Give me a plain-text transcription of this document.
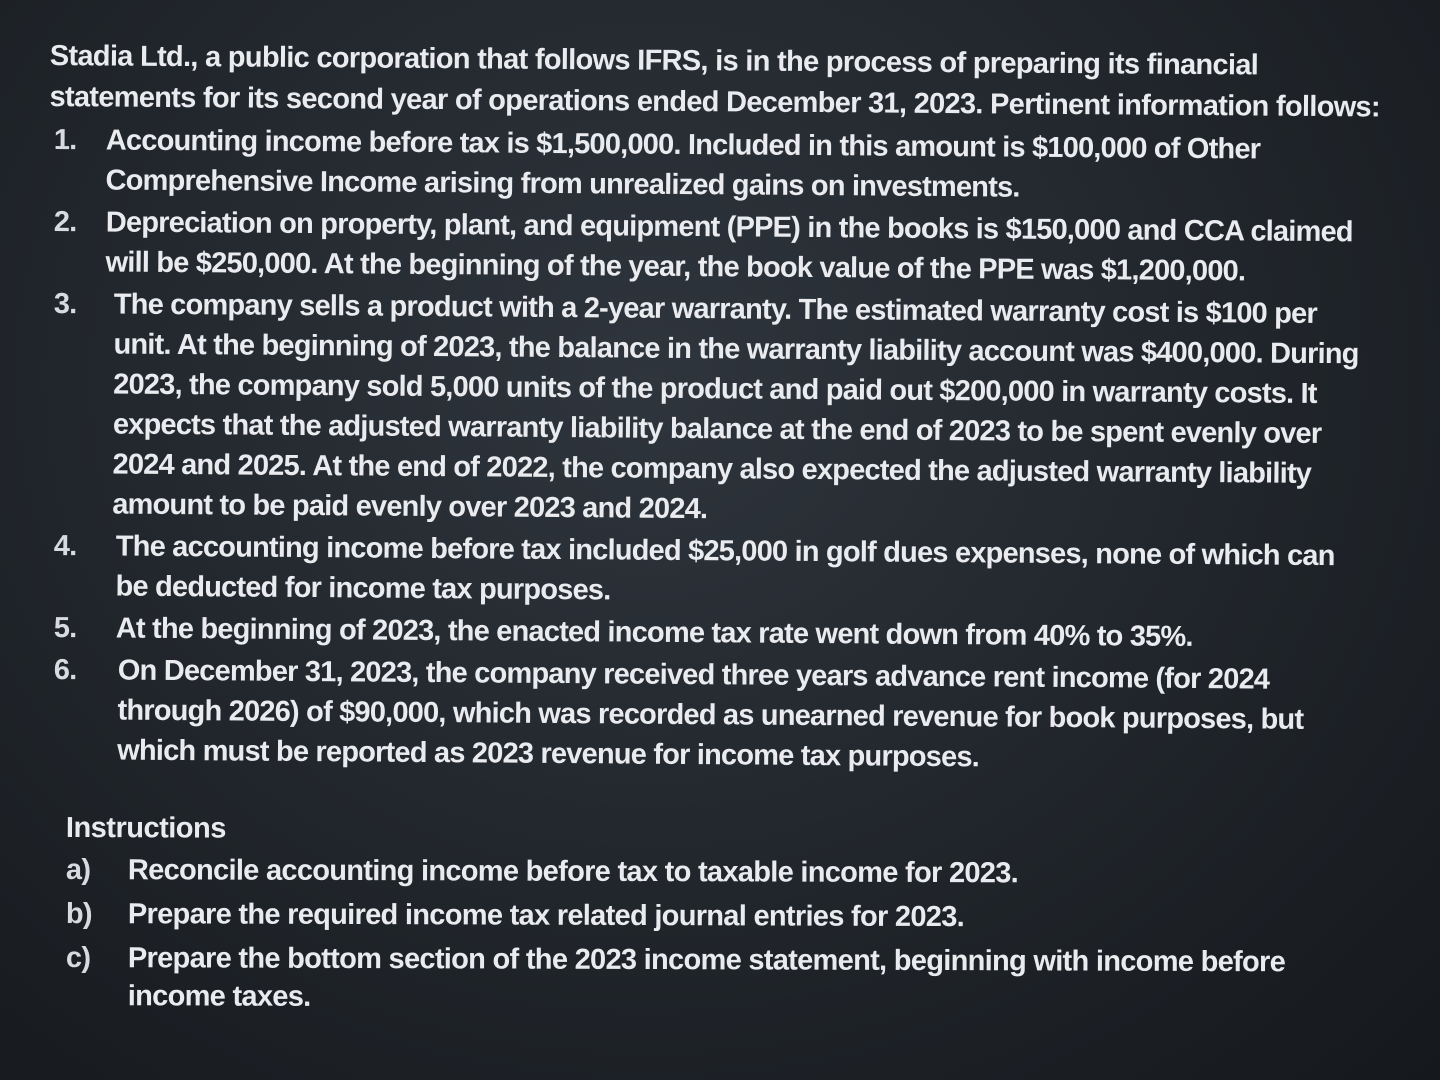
Stadia Ltd., a public corporation that follows IFRS, is in the process of preparing its financial statements for its second year of operations ended December 31, 2023. Pertinent information follows:

1. Accounting income before tax is $1,500,000. Included in this amount is $100,000 of Other Comprehensive Income arising from unrealized gains on investments.
2. Depreciation on property, plant, and equipment (PPE) in the books is $150,000 and CCA claimed will be $250,000. At the beginning of the year, the book value of the PPE was $1,200,000.
3. The company sells a product with a 2-year warranty. The estimated warranty cost is $100 per unit. At the beginning of 2023, the balance in the warranty liability account was $400,000. During 2023, the company sold 5,000 units of the product and paid out $200,000 in warranty costs. It expects that the adjusted warranty liability balance at the end of 2023 to be spent evenly over 2024 and 2025. At the end of 2022, the company also expected the adjusted warranty liability amount to be paid evenly over 2023 and 2024.
4. The accounting income before tax included $25,000 in golf dues expenses, none of which can be deducted for income tax purposes.
5. At the beginning of 2023, the enacted income tax rate went down from 40% to 35%.
6. On December 31, 2023, the company received three years advance rent income (for 2024 through 2026) of $90,000, which was recorded as unearned revenue for book purposes, but which must be reported as 2023 revenue for income tax purposes.
Instructions
a) Reconcile accounting income before tax to taxable income for 2023.
b) Prepare the required income tax related journal entries for 2023.
c) Prepare the bottom section of the 2023 income statement, beginning with income before income taxes.
